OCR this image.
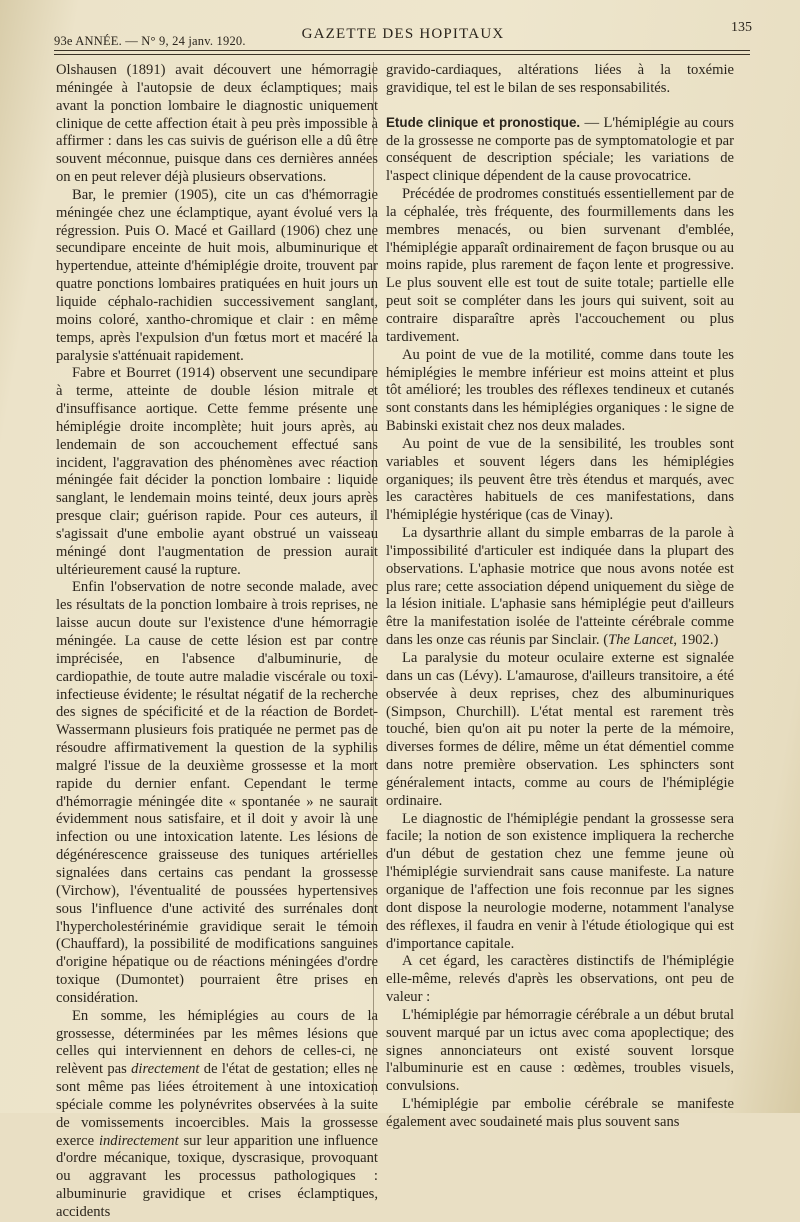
93e ANNÉE. — N° 9, 24 janv. 1920.	GAZETTE DES HOPITAUX	135

Olshausen (1891) avait découvert une hémorragie méningée à l'autopsie de deux éclamptiques; mais avant la ponction lombaire le diagnostic uniquement clinique de cette affection était à peu près impossible à affirmer : dans les cas suivis de guérison elle a dû être souvent méconnue, puisque dans ces dernières années on en peut relever déjà plusieurs observations.

Bar, le premier (1905), cite un cas d'hémorragie méningée chez une éclamptique, ayant évolué vers la régression. Puis O. Macé et Gaillard (1906) chez une secundipare enceinte de huit mois, albuminurique et hypertendue, atteinte d'hémiplégie droite, trouvent par quatre ponctions lombaires pratiquées en huit jours un liquide céphalo-rachidien successivement sanglant, moins coloré, xantho-chromique et clair : en même temps, après l'expulsion d'un fœtus mort et macéré la paralysie s'atténuait rapidement.

Fabre et Bourret (1914) observent une secundipare à terme, atteinte de double lésion mitrale et d'insuffisance aortique. Cette femme présente une hémiplégie droite incomplète; huit jours après, au lendemain de son accouchement effectué sans incident, l'aggravation des phénomènes avec réaction méningée fait décider la ponction lombaire : liquide sanglant, le lendemain moins teinté, deux jours après presque clair; guérison rapide. Pour ces auteurs, il s'agissait d'une embolie ayant obstrué un vaisseau méningé dont l'augmentation de pression aurait ultérieurement causé la rupture.

Enfin l'observation de notre seconde malade, avec les résultats de la ponction lombaire à trois reprises, ne laisse aucun doute sur l'existence d'une hémorragie méningée. La cause de cette lésion est par contre imprécisée, en l'absence d'albuminurie, de cardiopathie, de toute autre maladie viscérale ou toxi-infectieuse évidente; le résultat négatif de la recherche des signes de spécificité et de la réaction de Bordet-Wassermann plusieurs fois pratiquée ne permet pas de résoudre affirmativement la question de la syphilis malgré l'issue de la deuxième grossesse et la mort rapide du dernier enfant. Cependant le terme d'hémorragie méningée dite « spontanée » ne saurait évidemment nous satisfaire, et il doit y avoir là une infection ou une intoxication latente. Les lésions de dégénérescence graisseuse des tuniques artérielles signalées dans certains cas pendant la grossesse (Virchow), l'éventualité de poussées hypertensives sous l'influence d'une activité des surrénales dont l'hypercholestérinémie gravidique serait le témoin (Chauffard), la possibilité de modifications sanguines d'origine hépatique ou de réactions méningées d'ordre toxique (Dumontet) pourraient être prises en considération.

En somme, les hémiplégies au cours de la grossesse, déterminées par les mêmes lésions que celles qui interviennent en dehors de celles-ci, ne relèvent pas directement de l'état de gestation; elles ne sont même pas liées étroitement à une intoxication spéciale comme les polynévrites observées à la suite de vomissements incoercibles. Mais la grossesse exerce indirectement sur leur apparition une influence d'ordre mécanique, toxique, dyscrasique, provoquant ou aggravant les processus pathologiques : albuminurie gravidique et crises éclamptiques, accidents

gravido-cardiaques, altérations liées à la toxémie gravidique, tel est le bilan de ses responsabilités.

Etude clinique et pronostique. — L'hémiplégie au cours de la grossesse ne comporte pas de symptomatologie et par conséquent de description spéciale; les variations de l'aspect clinique dépendent de la cause provocatrice.

Précédée de prodromes constitués essentiellement par de la céphalée, très fréquente, des fourmillements dans les membres menacés, ou bien survenant d'emblée, l'hémiplégie apparaît ordinairement de façon brusque ou au moins rapide, plus rarement de façon lente et progressive. Le plus souvent elle est tout de suite totale; partielle elle peut soit se compléter dans les jours qui suivent, soit au contraire disparaître après l'accouchement ou plus tardivement.

Au point de vue de la motilité, comme dans toute les hémiplégies le membre inférieur est moins atteint et plus tôt amélioré; les troubles des réflexes tendineux et cutanés sont constants dans les hémiplégies organiques : le signe de Babinski existait chez nos deux malades.

Au point de vue de la sensibilité, les troubles sont variables et souvent légers dans les hémiplégies organiques; ils peuvent être très étendus et marqués, avec les caractères habituels de ces manifestations, dans l'hémiplégie hystérique (cas de Vinay).

La dysarthrie allant du simple embarras de la parole à l'impossibilité d'articuler est indiquée dans la plupart des observations. L'aphasie motrice que nous avons notée est plus rare; cette association dépend uniquement du siège de la lésion initiale. L'aphasie sans hémiplégie peut d'ailleurs être la manifestation isolée de l'atteinte cérébrale comme dans les onze cas réunis par Sinclair. (The Lancet, 1902.)

La paralysie du moteur oculaire externe est signalée dans un cas (Lévy). L'amaurose, d'ailleurs transitoire, a été observée à deux reprises, chez des albuminuriques (Simpson, Churchill). L'état mental est rarement très touché, bien qu'on ait pu noter la perte de la mémoire, diverses formes de délire, même un état démentiel comme dans notre première observation. Les sphincters sont généralement intacts, comme au cours de l'hémiplégie ordinaire.

Le diagnostic de l'hémiplégie pendant la grossesse sera facile; la notion de son existence impliquera la recherche d'un début de gestation chez une femme jeune où l'hémiplégie surviendrait sans cause manifeste. La nature organique de l'affection une fois reconnue par les signes dont dispose la neurologie moderne, notamment l'analyse des réflexes, il faudra en venir à l'étude étiologique qui est d'importance capitale.

A cet égard, les caractères distinctifs de l'hémiplégie elle-même, relevés d'après les observations, ont peu de valeur :

L'hémiplégie par hémorragie cérébrale a un début brutal souvent marqué par un ictus avec coma apoplectique; des signes annonciateurs ont existé souvent lorsque l'albuminurie est en cause : œdèmes, troubles visuels, convulsions.

L'hémiplégie par embolie cérébrale se manifeste également avec soudaineté mais plus souvent sans
